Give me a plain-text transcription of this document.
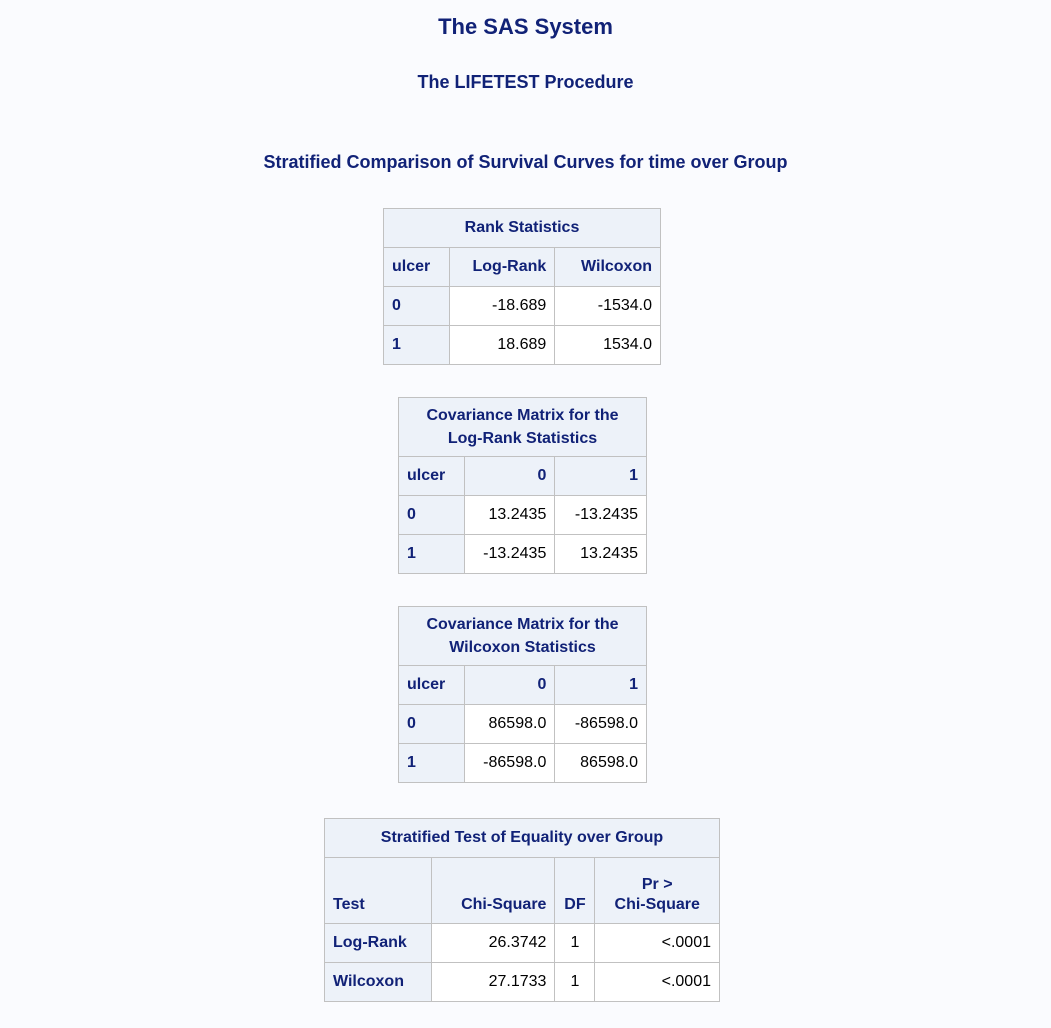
The SAS System
The LIFETEST Procedure
Stratified Comparison of Survival Curves for time over Group
Rank Statistics		
ulcer	Log-Rank	Wilcoxon
0	-18.689	-1534.0
1	18.689	1534.0
Covariance Matrix for the Log-Rank Statistics		
ulcer	0	1
0	13.2435	-13.2435
1	-13.2435	13.2435
Covariance Matrix for the Wilcoxon Statistics		
ulcer	0	1
0	86598.0	-86598.0
1	-86598.0	86598.0
Stratified Test of Equality over Group			
Test	Chi-Square	DF	Pr >
Chi-Square
Log-Rank	26.3742	1	<.0001
Wilcoxon	27.1733	1	<.0001
